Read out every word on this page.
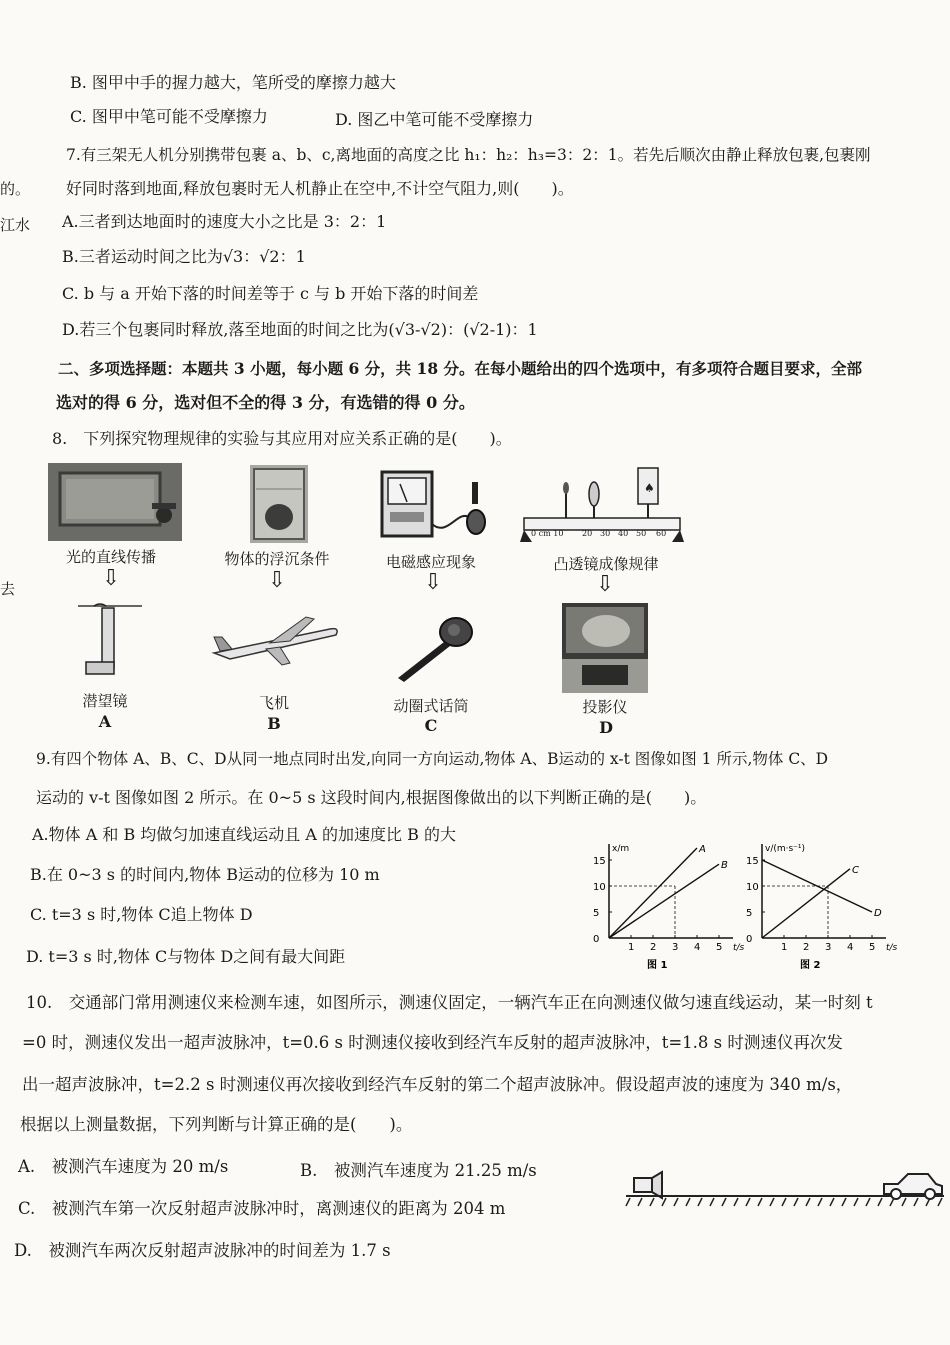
的。
江水
去
B. 图甲中手的握力越大，笔所受的摩擦力越大
C. 图甲中笔可能不受摩擦力	D. 图乙中笔可能不受摩擦力
7.有三架无人机分别携带包裹 a、b、c,离地面的高度之比 h₁：h₂：h₃=3：2：1。若先后顺次由静止释放包裹,包裹刚
好同时落到地面,释放包裹时无人机静止在空中,不计空气阻力,则(　　)。
A.三者到达地面时的速度大小之比是 3：2：1
B.三者运动时间之比为√3：√2：1
C. b 与 a 开始下落的时间差等于 c 与 b 开始下落的时间差
D.若三个包裹同时释放,落至地面的时间之比为(√3-√2)：(√2-1)：1
二、多项选择题：本题共 3 小题，每小题 6 分，共 18 分。在每小题给出的四个选项中，有多项符合题目要求，全部
选对的得 6 分，选对但不全的得 3 分，有选错的得 0 分。
8.　下列探究物理规律的实验与其应用对应关系正确的是(　　)。
♠
0 cm 10 20 30 40 50 60
光的直线传播	物体的浮沉条件	电磁感应现象	凸透镜成像规律
⇩	⇩	⇩	⇩
潜望镜	飞机	动圈式话筒	投影仪
A	B	C	D
9.有四个物体 A、B、C、D从同一地点同时出发,向同一方向运动,物体 A、B运动的 x-t 图像如图 1 所示,物体 C、D
运动的 v-t 图像如图 2 所示。在 0~5 s 这段时间内,根据图像做出的以下判断正确的是(　　)。
A.物体 A 和 B 均做匀加速直线运动且 A 的加速度比 B 的大
B.在 0~3 s 的时间内,物体 B运动的位移为 10 m
C. t=3 s 时,物体 C追上物体 D
D. t=3 s 时,物体 C与物体 D之间有最大间距	t/s
x/m
1 2 3 4 5
0
5
10
15
A
B
图 1
t/s
v/(m·s⁻¹)
1 2 3 4 5
0
5
10
15
C
D
图 2
10.　交通部门常用测速仪来检测车速，如图所示，测速仪固定，一辆汽车正在向测速仪做匀速直线运动，某一时刻 t
=0 时，测速仪发出一超声波脉冲，t=0.6 s 时测速仪接收到经汽车反射的超声波脉冲，t=1.8 s 时测速仪再次发
出一超声波脉冲，t=2.2 s 时测速仪再次接收到经汽车反射的第二个超声波脉冲。假设超声波的速度为 340 m/s，
根据以上测量数据，下列判断与计算正确的是(　　)。
A.　被测汽车速度为 20 m/s	B.　被测汽车速度为 21.25 m/s
C.　被测汽车第一次反射超声波脉冲时，离测速仪的距离为 204 m
D.　被测汽车两次反射超声波脉冲的时间差为 1.7 s
